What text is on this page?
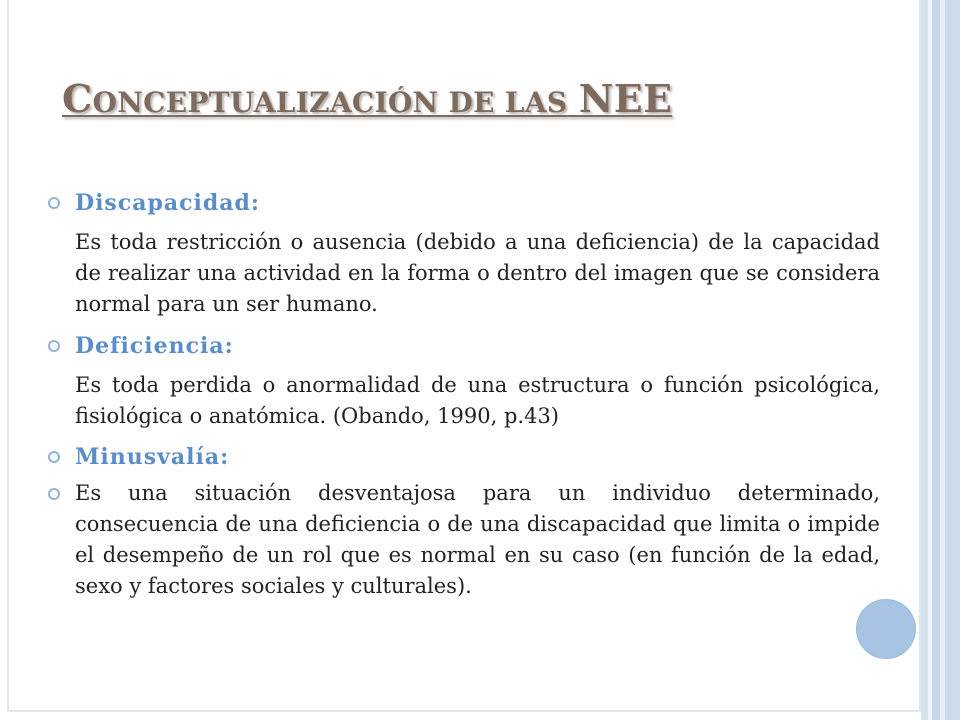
CONCEPTUALIZACIÓN DE LAS NEE
Discapacidad:

Es toda restricción o ausencia (debido a una deficiencia) de la capacidad de realizar una actividad en la forma o dentro del imagen que se considera normal para un ser humano.

Deficiencia:

Es toda perdida o anormalidad de una estructura o función psicológica, fisiológica o anatómica. (Obando, 1990, p.43)

Minusvalía:

Es una situación desventajosa para un individuo determinado, consecuencia de una deficiencia o de una discapacidad que limita o impide el desempeño de un rol que es normal en su caso (en función de la edad, sexo y factores sociales y culturales).
